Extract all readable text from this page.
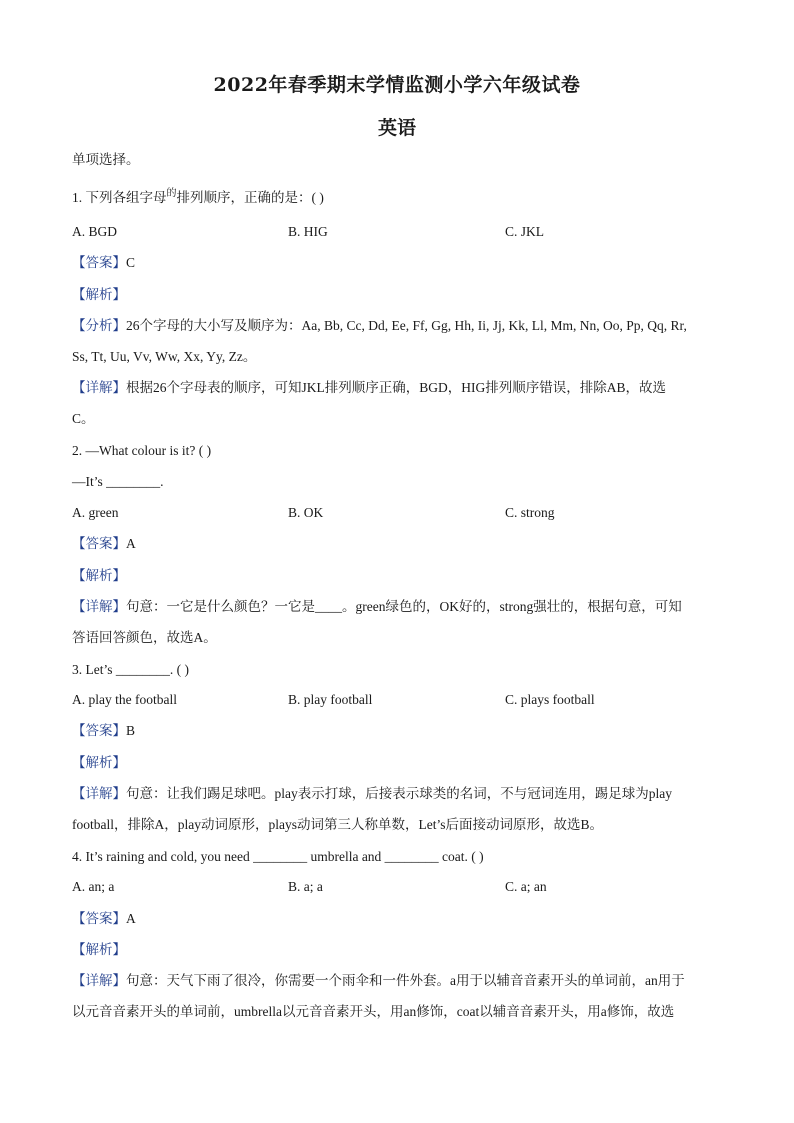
2022年春季期末学情监测小学六年级试卷
英语
单项选择。
1. 下列各组字母$^的$排列顺序，正确的是：( )
A. BGD	B. HIG	C. JKL
【答案】C
【解析】
【分析】26个字母的大小写及顺序为：Aa, Bb, Cc, Dd, Ee, Ff, Gg, Hh, Ii, Jj, Kk, Ll, Mm, Nn, Oo, Pp, Qq, Rr,
Ss, Tt, Uu, Vv, Ww, Xx, Yy, Zz。
【详解】根据26个字母表的顺序，可知JKL排列顺序正确，BGD，HIG排列顺序错误，排除AB，故选
C。
2. —What colour is it? ( )
—It’s ________.
A. green	B. OK	C. strong
【答案】A
【解析】
【详解】句意：一它是什么颜色？一它是____。green绿色的，OK好的，strong强壮的，根据句意，可知
答语回答颜色，故选A。
3. Let’s ________. ( )
A. play the football	B. play football	C. plays football
【答案】B
【解析】
【详解】句意：让我们踢足球吧。play表示打球，后接表示球类的名词，不与冠词连用，踢足球为play
football，排除A，play动词原形，plays动词第三人称单数，Let’s后面接动词原形，故选B。
4. It’s raining and cold, you need ________ umbrella and ________ coat. ( )
A. an; a	B. a; a	C. a; an
【答案】A
【解析】
【详解】句意：天气下雨了很冷，你需要一个雨伞和一件外套。a用于以辅音音素开头的单词前，an用于
以元音音素开头的单词前，umbrella以元音音素开头，用an修饰，coat以辅音音素开头，用a修饰，故选
